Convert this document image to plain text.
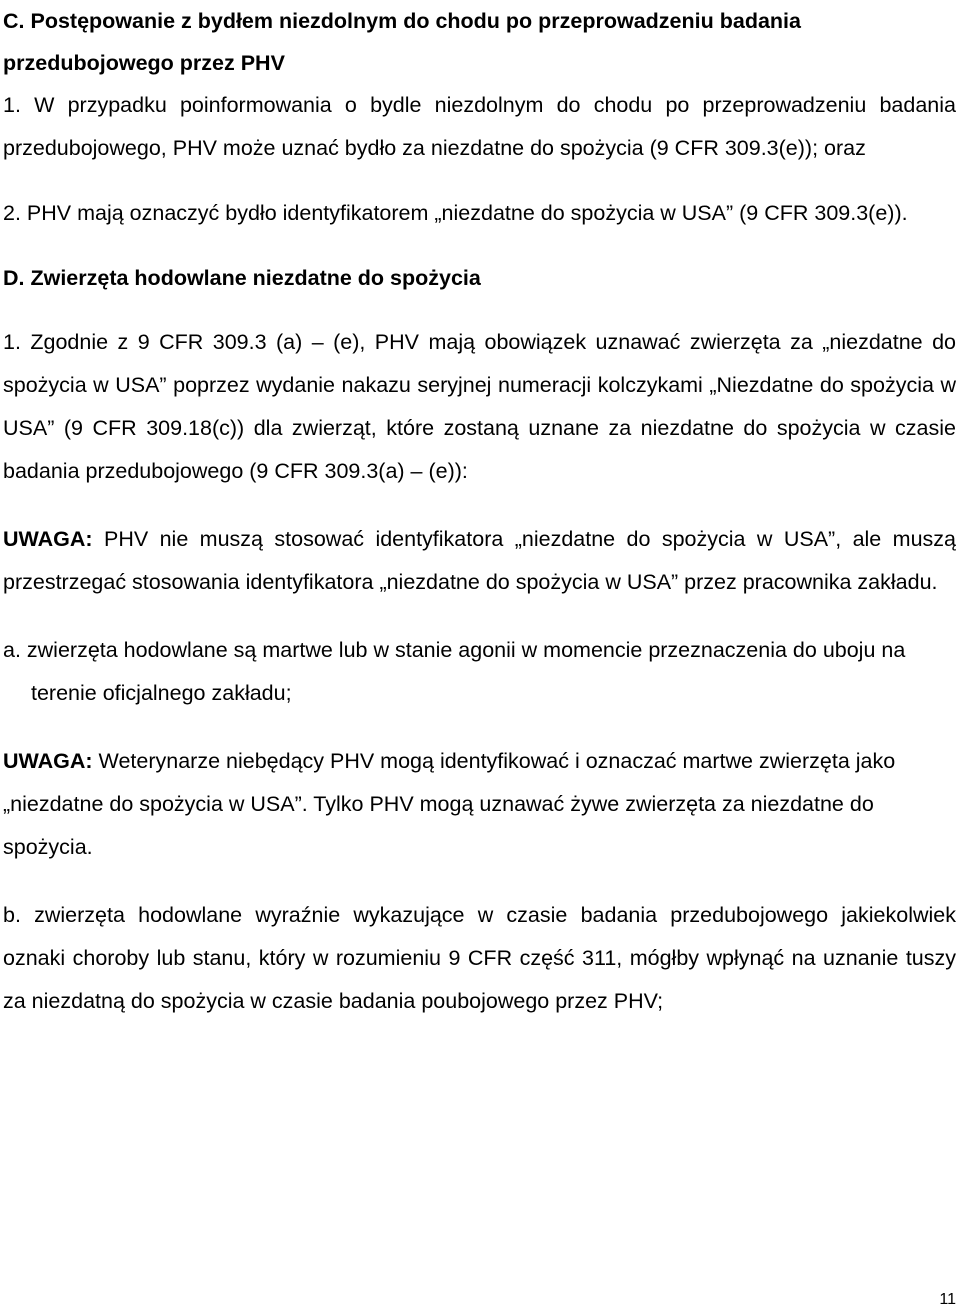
C. Postępowanie z bydłem niezdolnym do chodu po przeprowadzeniu badania przedubojowego przez PHV

1. W przypadku poinformowania o bydle niezdolnym do chodu po przeprowadzeniu badania przedubojowego, PHV może uznać bydło za niezdatne do spożycia (9 CFR 309.3(e)); oraz

2. PHV mają oznaczyć bydło identyfikatorem „niezdatne do spożycia w USA” (9 CFR 309.3(e)).

D. Zwierzęta hodowlane niezdatne do spożycia

1. Zgodnie z 9 CFR 309.3 (a) – (e), PHV mają obowiązek uznawać zwierzęta za „niezdatne do spożycia w USA” poprzez wydanie nakazu seryjnej numeracji kolczykami „Niezdatne do spożycia w USA” (9 CFR 309.18(c)) dla zwierząt, które zostaną uznane za niezdatne do spożycia w czasie badania przedubojowego (9 CFR 309.3(a) – (e)):

UWAGA: PHV nie muszą stosować identyfikatora „niezdatne do spożycia w USA”, ale muszą przestrzegać stosowania identyfikatora „niezdatne do spożycia w USA” przez pracownika zakładu.

a. zwierzęta hodowlane są martwe lub w stanie agonii w momencie przeznaczenia do uboju na terenie oficjalnego zakładu;

UWAGA: Weterynarze niebędący PHV mogą identyfikować i oznaczać martwe zwierzęta jako „niezdatne do spożycia w USA”. Tylko PHV mogą uznawać żywe zwierzęta za niezdatne do spożycia.

b. zwierzęta hodowlane wyraźnie wykazujące w czasie badania przedubojowego jakiekolwiek oznaki choroby lub stanu, który w rozumieniu 9 CFR część 311, mógłby wpłynąć na uznanie tuszy za niezdatną do spożycia w czasie badania poubojowego przez PHV;

11
